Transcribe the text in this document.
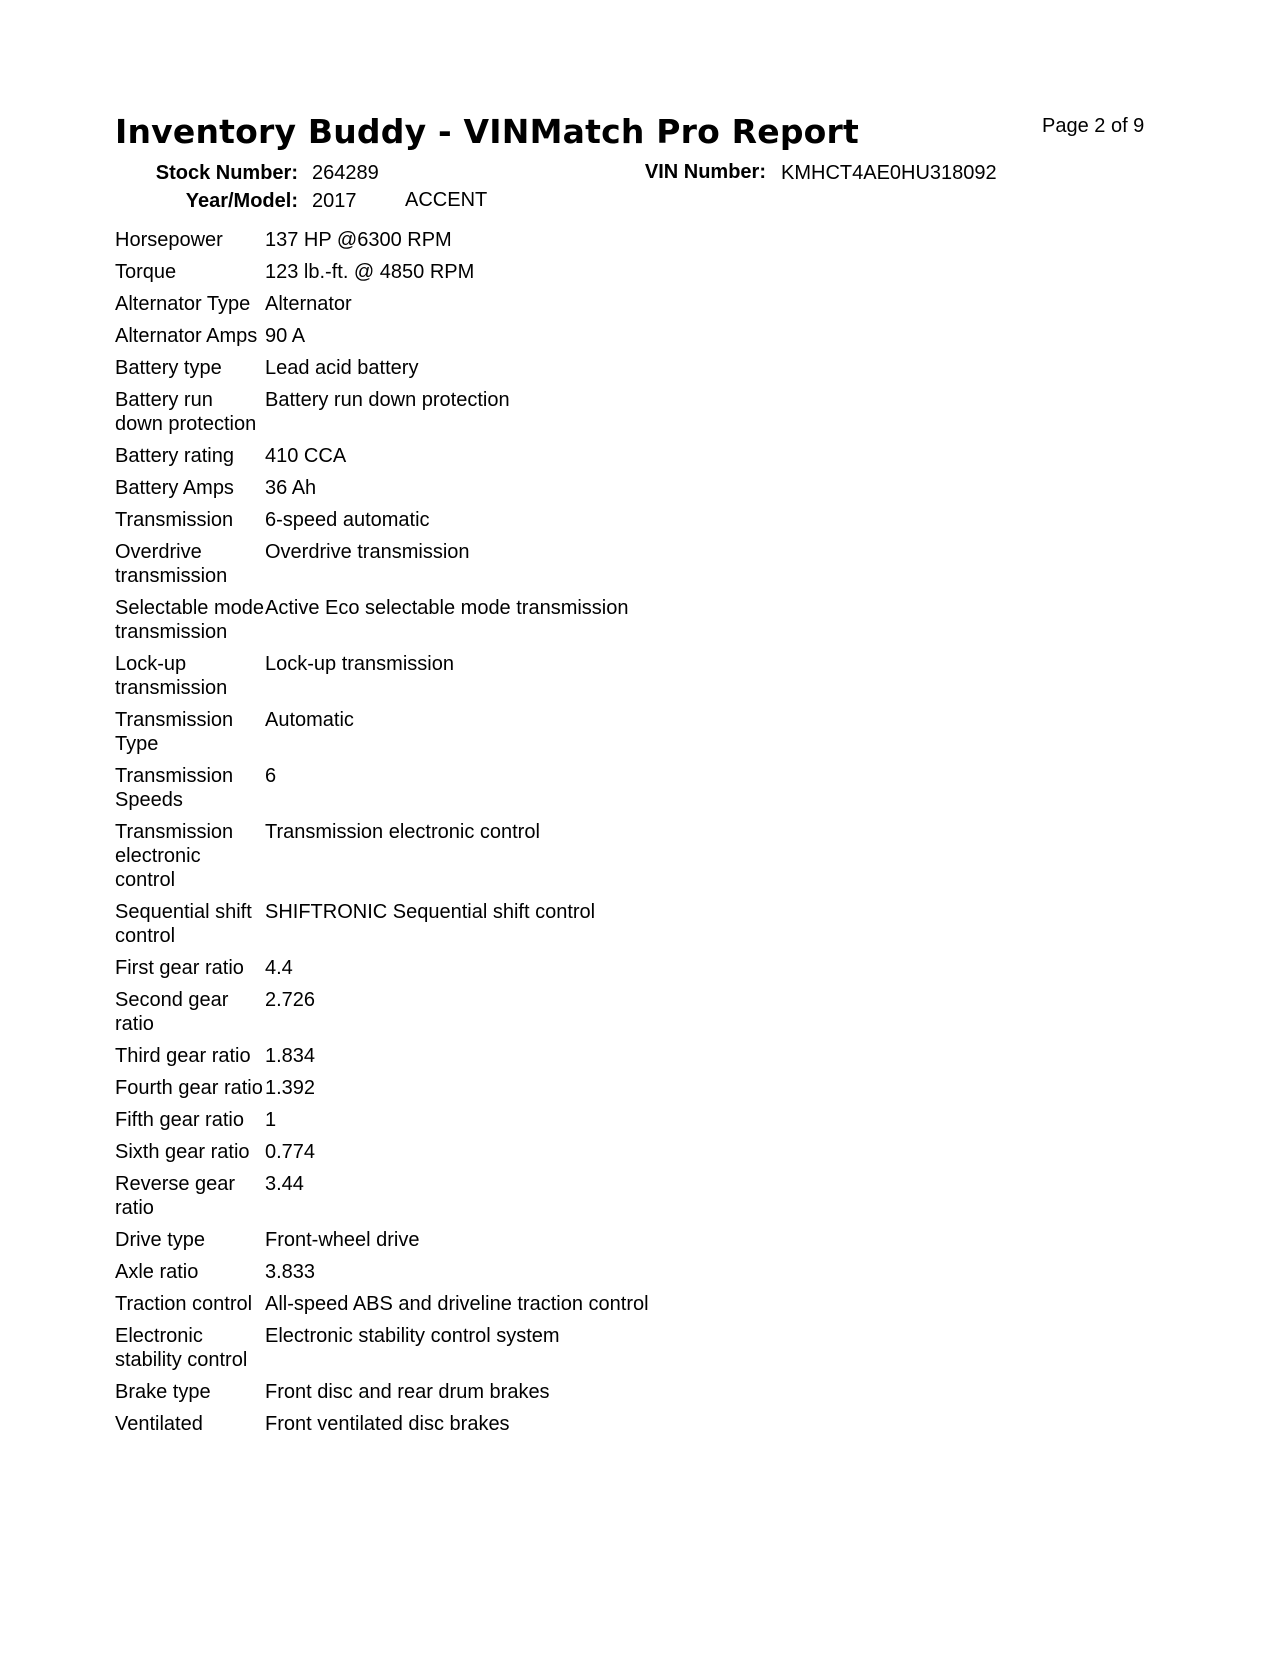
Inventory Buddy - VINMatch Pro Report	Page 2 of 9
Stock Number: 264289
Year/Model: 2017 ACCENT
VIN Number: KMHCT4AE0HU318092
Horsepower	137 HP @6300 RPM
Torque	123 lb.-ft. @ 4850 RPM
Alternator Type	Alternator
Alternator Amps	90 A
Battery type	Lead acid battery
Battery run down protection	Battery run down protection
Battery rating	410 CCA
Battery Amps	36 Ah
Transmission	6-speed automatic
Overdrive transmission	Overdrive transmission
Selectable mode transmission	Active Eco selectable mode transmission
Lock-up transmission	Lock-up transmission
Transmission Type	Automatic
Transmission Speeds	6
Transmission electronic control	Transmission electronic control
Sequential shift control	SHIFTRONIC Sequential shift control
First gear ratio	4.4
Second gear ratio	2.726
Third gear ratio	1.834
Fourth gear ratio	1.392
Fifth gear ratio	1
Sixth gear ratio	0.774
Reverse gear ratio	3.44
Drive type	Front-wheel drive
Axle ratio	3.833
Traction control	All-speed ABS and driveline traction control
Electronic stability control	Electronic stability control system
Brake type	Front disc and rear drum brakes
Ventilated	Front ventilated disc brakes
